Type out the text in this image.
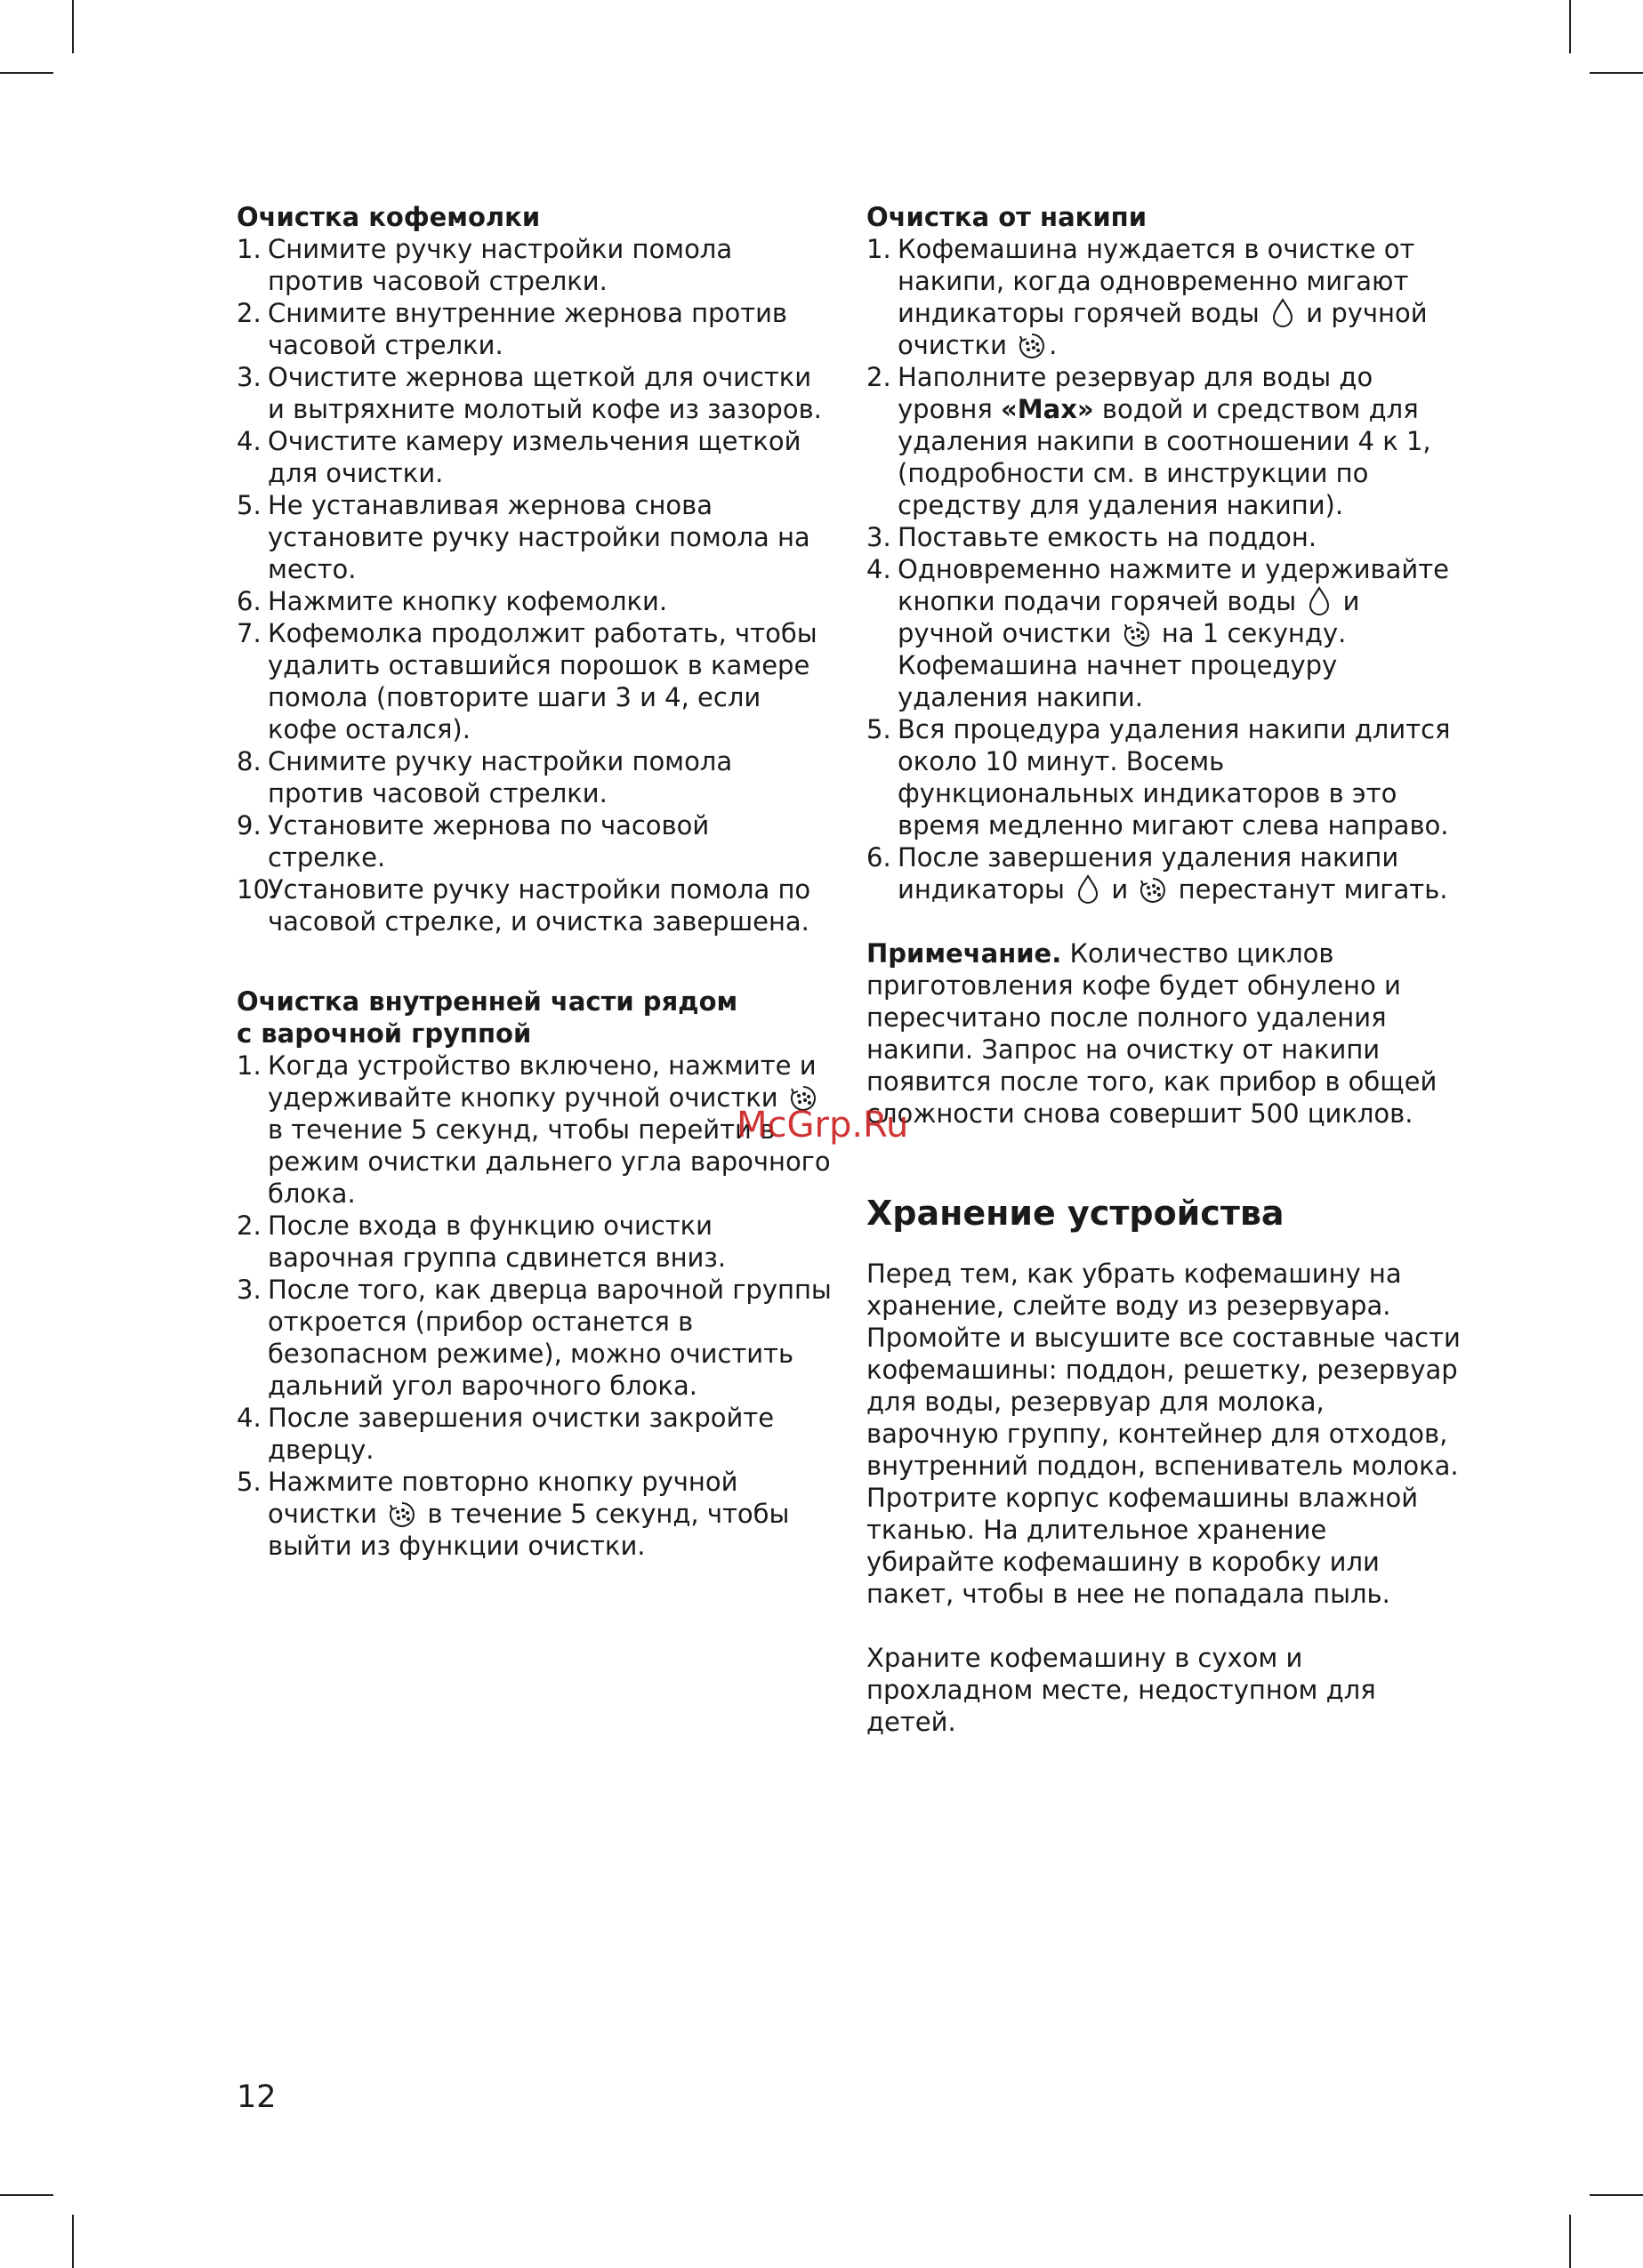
Очистка кофемолки
1. Снимите ручку настройки помола против часовой стрелки.
2. Снимите внутренние жернова против часовой стрелки.
3. Очистите жернова щеткой для очистки и вытряхните молотый кофе из зазоров.
4. Очистите камеру измельчения щеткой для очистки.
5. Не устанавливая жернова снова установите ручку настройки помола на место.
6. Нажмите кнопку кофемолки.
7. Кофемолка продолжит работать, чтобы удалить оставшийся порошок в камере помола (повторите шаги 3 и 4, если кофе остался).
8. Снимите ручку настройки помола против часовой стрелки.
9. Установите жернова по часовой стрелке.
10.
Установите ручку настройки помола по часовой стрелке, и очистка завершена.
Очистка внутренней части рядом
с варочной группой
1. Когда устройство включено, нажмите и удерживайте кнопку ручной очистки
в течение 5 секунд, чтобы перейти в режим очистки дальнего угла варочного блока.
2. После входа в функцию очистки варочная группа сдвинется вниз.
3. После того, как дверца варочной группы откроется (прибор останется в безопасном режиме), можно очистить дальний угол варочного блока.
4. После завершения очистки закройте дверцу.
5. Нажмите повторно кнопку ручной очистки в течение 5 секунд, чтобы выйти из функции очистки.
Очистка от накипи
1. Кофемашина нуждается в очистке от накипи, когда одновременно мигают индикаторы горячей воды и ручной очистки .
2. Наполните резервуар для воды до уровня «Max» водой и средством для удаления накипи в соотношении 4 к 1, (подробности см. в инструкции по средству для удаления накипи).
3. Поставьте емкость на поддон.
4. Одновременно нажмите и удерживайте кнопки подачи горячей воды и ручной очистки на 1 секунду. Кофемашина начнет процедуру удаления накипи.
5. Вся процедура удаления накипи длится около 10 минут. Восемь функциональных индикаторов в это время медленно мигают слева направо.
6. После завершения удаления накипи индикаторы и перестанут мигать.

Примечание. Количество циклов приготовления кофе будет обнулено и пересчитано после полного удаления накипи. Запрос на очистку от накипи появится после того, как прибор в общей сложности снова совершит 500 циклов.

Хранение устройства

Перед тем, как убрать кофемашину на хранение, слейте воду из резервуара. Промойте и высушите все составные части кофемашины: поддон, решетку, резервуар для воды, резервуар для молока, варочную группу, контейнер для отходов, внутренний поддон, вспениватель молока. Протрите корпус кофемашины влажной тканью. На длительное хранение убирайте кофемашину в коробку или пакет, чтобы в нее не попадала пыль.

Храните кофемашину в сухом и прохладном месте, недоступном для детей.

McGrp.Ru
12
